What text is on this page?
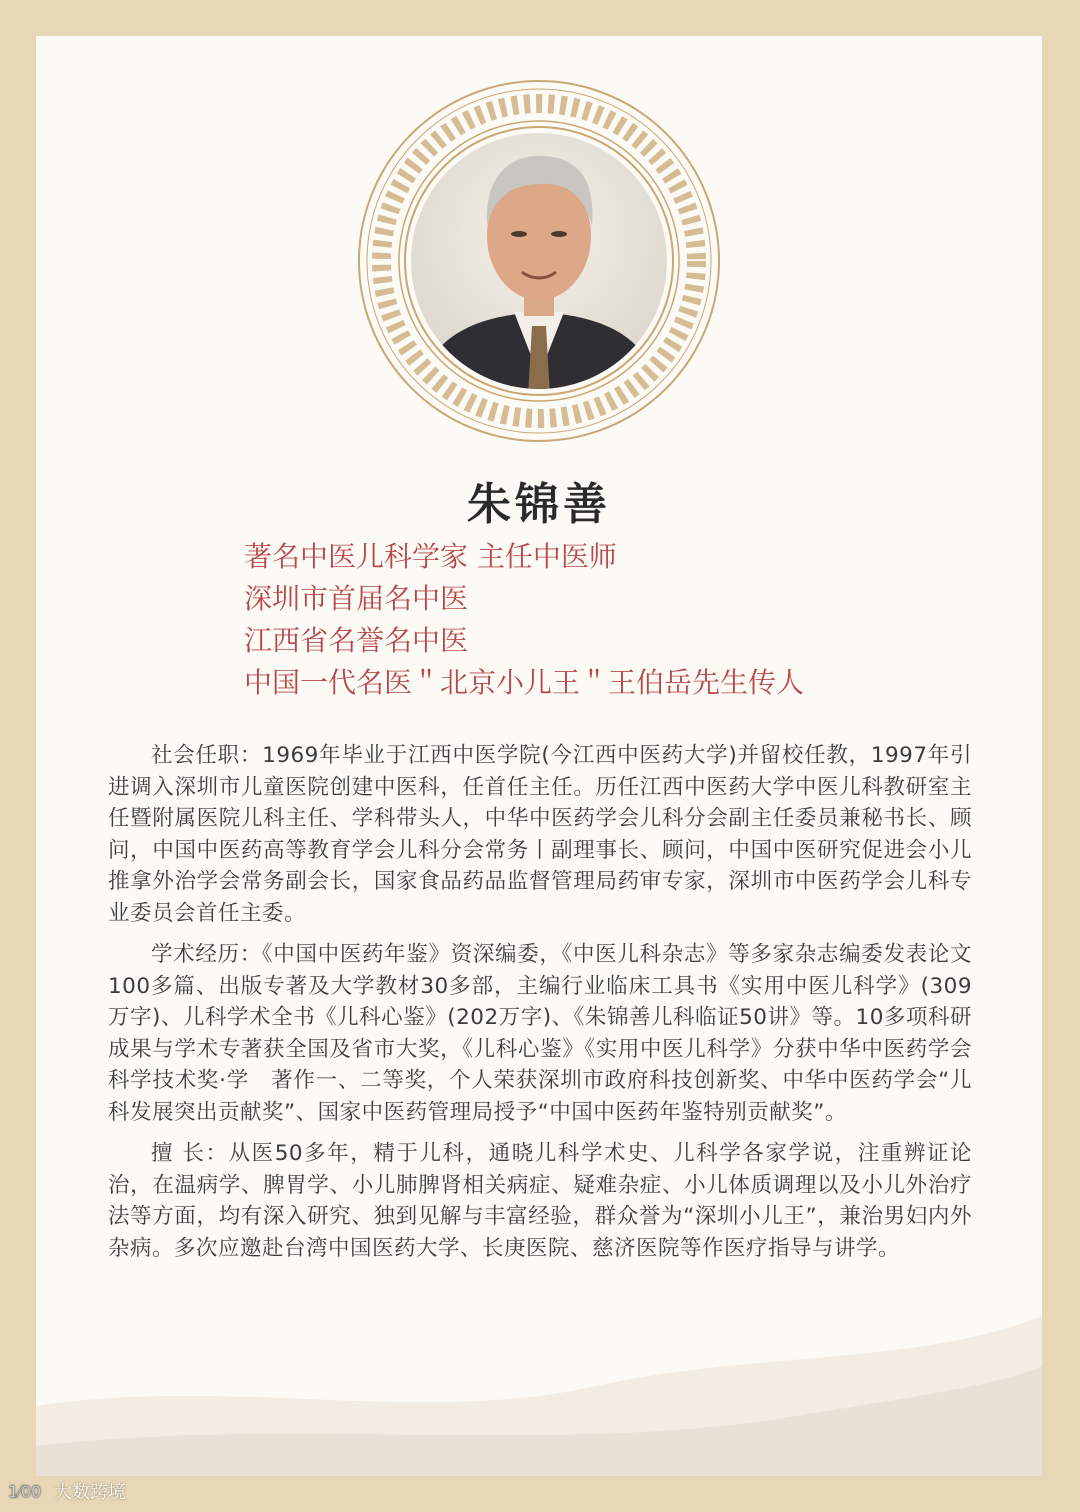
朱锦善
著名中医儿科学家 主任中医师
深圳市首届名中医
江西省名誉名中医
中国一代名医＂北京小儿王＂王伯岳先生传人

社会任职：1969年毕业于江西中医学院(今江西中医药大学)并留校任教，1997年引进调入深圳市儿童医院创建中医科，任首任主任。历任江西中医药大学中医儿科教研室主任暨附属医院儿科主任、学科带头人，中华中医药学会儿科分会副主任委员兼秘书长、顾问，中国中医药高等教育学会儿科分会常务丨副理事长、顾问，中国中医研究促进会小儿推拿外治学会常务副会长，国家食品药品监督管理局药审专家，深圳市中医药学会儿科专业委员会首任主委。

学术经历：《中国中医药年鉴》资深编委，《中医儿科杂志》等多家杂志编委发表论文100多篇、出版专著及大学教材30多部，主编行业临床工具书《实用中医儿科学》(309万字)、儿科学术全书《儿科心鉴》(202万字)、《朱锦善儿科临证50讲》等。10多项科研成果与学术专著获全国及省市大奖，《儿科心鉴》《实用中医儿科学》分获中华中医药学会科学技术奖·学　著作一、二等奖，个人荣获深圳市政府科技创新奖、中华中医药学会“儿科发展突出贡献奖”、国家中医药管理局授予“中国中医药年鉴特别贡献奖”。

擅 长：从医50多年，精于儿科，通晓儿科学术史、儿科学各家学说，注重辨证论治，在温病学、脾胃学、小儿肺脾肾相关病症、疑难杂症、小儿体质调理以及小儿外治疗法等方面，均有深入研究、独到见解与丰富经验，群众誉为“深圳小儿王”，兼治男妇内外杂病。多次应邀赴台湾中国医药大学、长庚医院、慈济医院等作医疗指导与讲学。

1⁄00 大数跨境
